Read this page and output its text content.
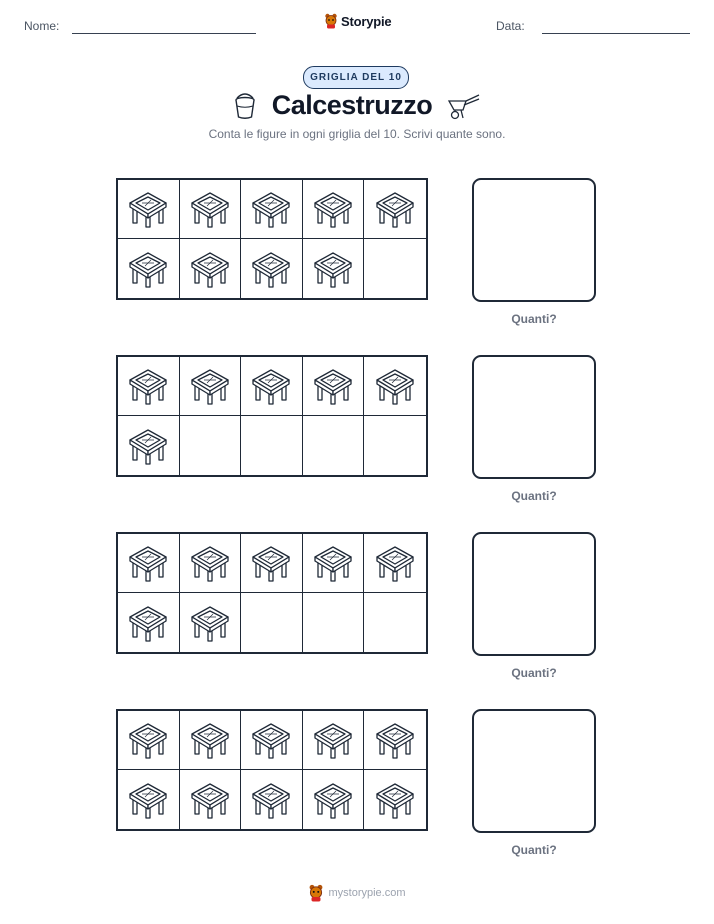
Nome:	Storypie	Data:
GRIGLIA DEL 10
Calcestruzzo
Conta le figure in ogni griglia del 10. Scrivi quante sono.
Quanti?
Quanti?
Quanti?
Quanti?
mystorypie.com
